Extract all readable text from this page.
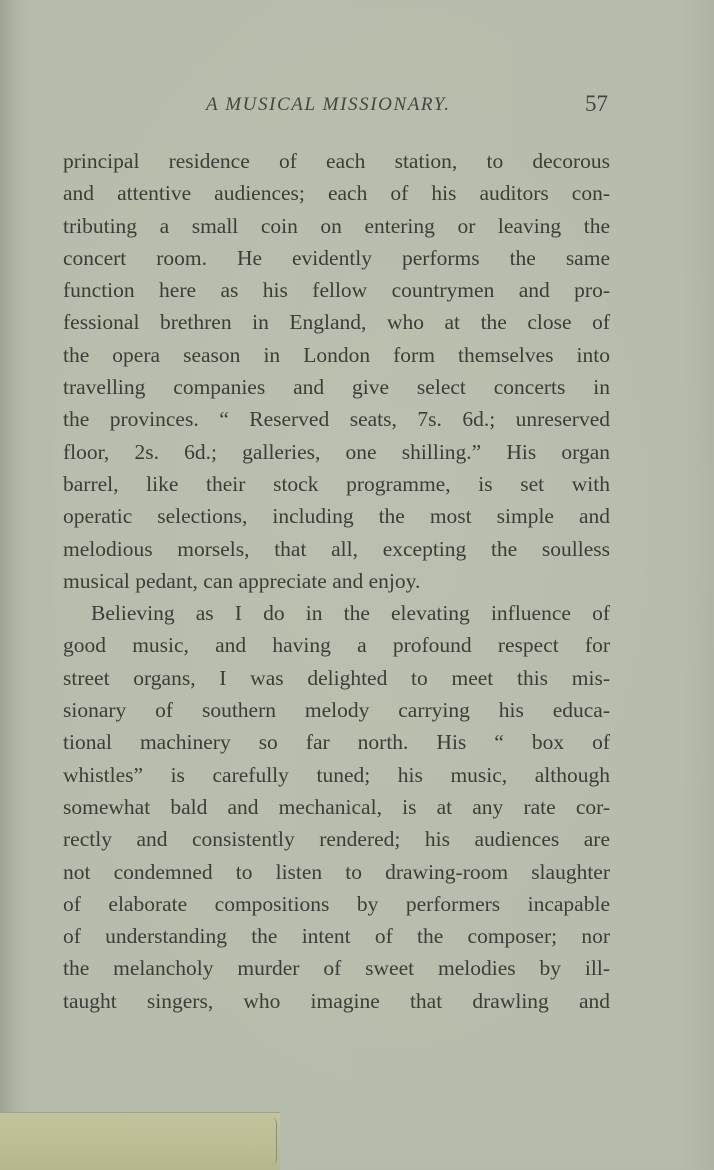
A MUSICAL MISSIONARY.	57
principal residence of each station, to decorous
and attentive audiences; each of his auditors con-
tributing a small coin on entering or leaving the
concert room. He evidently performs the same
function here as his fellow countrymen and pro-
fessional brethren in England, who at the close of
the opera season in London form themselves into
travelling companies and give select concerts in
the provinces. “ Reserved seats, 7s. 6d.; unreserved
floor, 2s. 6d.; galleries, one shilling.” His organ
barrel, like their stock programme, is set with
operatic selections, including the most simple and
melodious morsels, that all, excepting the soulless
musical pedant, can appreciate and enjoy.
Believing as I do in the elevating influence of
good music, and having a profound respect for
street organs, I was delighted to meet this mis-
sionary of southern melody carrying his educa-
tional machinery so far north. His “ box of
whistles” is carefully tuned; his music, although
somewhat bald and mechanical, is at any rate cor-
rectly and consistently rendered; his audiences are
not condemned to listen to drawing-room slaughter
of elaborate compositions by performers incapable
of understanding the intent of the composer; nor
the melancholy murder of sweet melodies by ill-
taught singers, who imagine that drawling and
